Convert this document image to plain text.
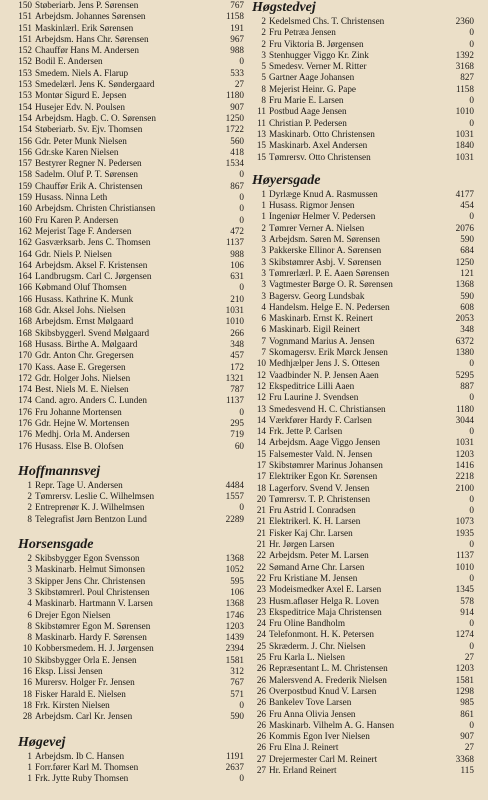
150 Støberiarb. Jens P. Sørensen	767
151 Arbejdsm. Johannes Sørensen	1158
151 Maskinlærl. Erik Sørensen	191
151 Arbejdsm. Hans Chr. Sørensen	967
152 Chauffør Hans M. Andersen	988
152 Bodil E. Andersen	0
153 Smedem. Niels A. Flarup	533
153 Smedelærl. Jens K. Søndergaard	27
153 Montør Sigurd E. Jepsen	1180
154 Husejer Edv. N. Poulsen	907
154 Arbejdsm. Hagb. C. O. Sørensen	1250
154 Støberiarb. Sv. Ejv. Thomsen	1722
156 Gdr. Peter Munk Nielsen	560
156 Gdr.ske Karen Nielsen	418
157 Bestyrer Regner N. Pedersen	1534
158 Sadelm. Oluf P. T. Sørensen	0
159 Chauffør Erik A. Christensen	867
159 Husass. Ninna Leth	0
160 Arbejdsm. Christen Christiansen	0
160 Fru Karen P. Andersen	0
162 Mejerist Tage F. Andersen	472
162 Gasværksarb. Jens C. Thomsen	1137
164 Gdr. Niels P. Nielsen	988
164 Arbejdsm. Aksel F. Kristensen	106
164 Landbrugsm. Carl C. Jørgensen	631
166 Købmand Oluf Thomsen	0
166 Husass. Kathrine K. Munk	210
168 Gdr. Aksel Johs. Nielsen	1031
168 Arbejdsm. Ernst Mølgaard	1010
168 Skibsbyggerl. Svend Mølgaard	266
168 Husass. Birthe A. Mølgaard	348
170 Gdr. Anton Chr. Gregersen	457
170 Kass. Aase E. Gregersen	172
172 Gdr. Holger Johs. Nielsen	1321
174 Best. Niels M. E. Nielsen	787
174 Cand. agro. Anders C. Lunden	1137
176 Fru Johanne Mortensen	0
176 Gdr. Hejne W. Mortensen	295
176 Medhj. Orla M. Andersen	719
176 Husass. Else B. Olofsen	60
Hoffmannsvej
1 Repr. Tage U. Andersen	4484
2 Tømrersv. Leslie C. Wilhelmsen	1557
2 Entreprenør K. J. Wilhelmsen	0
8 Telegrafist Jørn Bentzon Lund	2289
Horsensgade
2 Skibsbygger Egon Svensson	1368
3 Maskinarb. Helmut Simonsen	1052
3 Skipper Jens Chr. Christensen	595
3 Skibstømrerl. Poul Christensen	106
4 Maskinarb. Hartmann V. Larsen	1368
6 Drejer Egon Nielsen	1746
8 Skibstømrer Egon M. Sørensen	1203
8 Maskinarb. Hardy F. Sørensen	1439
10 Kobbersmedem. H. J. Jørgensen	2394
10 Skibsbygger Orla E. Jensen	1581
16 Eksp. Lissi Jensen	312
16 Murersv. Holger Fr. Jensen	767
18 Fisker Harald E. Nielsen	571
18 Frk. Kirsten Nielsen	0
28 Arbejdsm. Carl Kr. Jensen	590
Høgevej
1 Arbejdsm. Ib C. Hansen	1191
1 Forr.fører Karl M. Thomsen	2637
1 Frk. Jytte Ruby Thomsen	0
Høgstedvej
2 Kedelsmed Chs. T. Christensen	2360
2 Fru Petræa Jensen	0
2 Fru Viktoria B. Jørgensen	0
3 Stenhugger Viggo Kr. Zink	1392
5 Smedesv. Verner M. Ritter	3168
5 Gartner Aage Johansen	827
8 Mejerist Heinr. G. Pape	1158
8 Fru Marie E. Larsen	0
11 Postbud Aage Jensen	1010
11 Christian P. Pedersen	0
13 Maskinarb. Otto Christensen	1031
15 Maskinarb. Axel Andersen	1840
15 Tømrersv. Otto Christensen	1031
Høyersgade
1 Dyrlæge Knud A. Rasmussen	4177
1 Husass. Rigmor Jensen	454
1 Ingeniør Helmer V. Pedersen	0
2 Tømrer Verner A. Nielsen	2076
3 Arbejdsm. Søren M. Sørensen	590
3 Pakkerske Ellinor A. Sørensen	684
3 Skibstømrer Asbj. V. Sørensen	1250
3 Tømrerlærl. P. E. Aaen Sørensen	121
3 Vagtmester Børge O. R. Sørensen	1368
3 Bagersv. Georg Lundsbak	590
4 Handelsm. Helge E. N. Pedersen	608
6 Maskinarb. Ernst K. Reinert	2053
6 Maskinarb. Eigil Reinert	348
7 Vognmand Marius A. Jensen	6372
7 Skomagersv. Erik Mørck Jensen	1380
10 Medhjælper Jens J. S. Ottesen	0
12 Vaadbinder N. P. Jensen Aaen	5295
12 Ekspeditrice Lilli Aaen	887
12 Fru Laurine J. Svendsen	0
13 Smedesvend H. C. Christiansen	1180
14 Værkfører Hardy F. Carlsen	3044
14 Frk. Jette P. Carlsen	0
14 Arbejdsm. Aage Viggo Jensen	1031
15 Falsemester Vald. N. Jensen	1203
17 Skibstømrer Marinus Johansen	1416
17 Elektriker Egon Kr. Sørensen	2218
18 Lagerforv. Svend V. Jensen	2100
20 Tømrersv. T. P. Christensen	0
21 Fru Astrid I. Conradsen	0
21 Elektrikerl. K. H. Larsen	1073
21 Fisker Kaj Chr. Larsen	1935
21 Hr. Jørgen Larsen	0
22 Arbejdsm. Peter M. Larsen	1137
22 Sømand Arne Chr. Larsen	1010
22 Fru Kristiane M. Jensen	0
23 Modeismedker Axel E. Larsen	1345
23 Husm.afløser Helga R. Loven	578
23 Ekspeditrice Maja Christensen	914
24 Fru Oline Bandholm	0
24 Telefonmont. H. K. Petersen	1274
25 Skræderm. J. Chr. Nielsen	0
25 Fru Karla L. Nielsen	27
26 Repræsentant L. M. Christensen	1203
26 Malersvend A. Frederik Nielsen	1581
26 Overpostbud Knud V. Larsen	1298
26 Bankelev Tove Larsen	985
26 Fru Anna Olivia Jensen	861
26 Maskinarb. Vilhelm A. G. Hansen	0
26 Kommis Egon Iver Nielsen	907
26 Fru Elna J. Reinert	27
27 Drejermester Carl M. Reinert	3368
27 Hr. Erland Reinert	115
